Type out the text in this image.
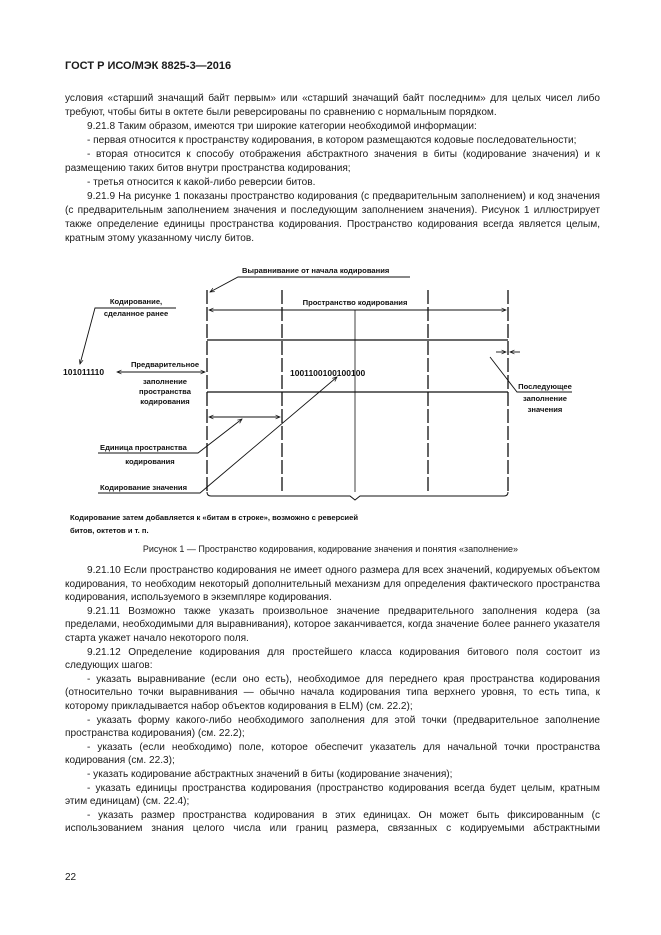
ГОСТ Р ИСО/МЭК 8825-3—2016

условия «старший значащий байт первым» или «старший значащий байт последним» для целых чисел либо требуют, чтобы биты в октете были реверсированы по сравнению с нормальным порядком.

9.21.8 Таким образом, имеются три широкие категории необходимой информации:

- первая относится к пространству кодирования, в котором размещаются кодовые последовательности;

- вторая относится к способу отображения абстрактного значения в биты (кодирование значения) и к размещению таких битов внутри пространства кодирования;

- третья относится к какой-либо реверсии битов.

9.21.9 На рисунке 1 показаны пространство кодирования (с предварительным заполнением) и код значения (с предварительным заполнением значения и последующим заполнением значения). Рисунок 1 иллюстрирует также определение единицы пространства кодирования. Пространство кодирования всегда является целым, кратным этому указанному числу битов.

Выравнивание от начала кодирования
Кодирование,
сделанное ранее
101011110
Предварительное
заполнение
пространства
кодирования
Пространство кодирования
1001100100100100
Последующее
заполнение
значения
Единица пространства
кодирования
Кодирование значения
Кодирование затем добавляется к «битам в строке», возможно с реверсией
битов, октетов и т. п.
Рисунок 1 — Пространство кодирования, кодирование значения и понятия «заполнение»

9.21.10 Если пространство кодирования не имеет одного размера для всех значений, кодируемых объектом кодирования, то необходим некоторый дополнительный механизм для определения фактического пространства кодирования, используемого в экземпляре кодирования.

9.21.11 Возможно также указать произвольное значение предварительного заполнения кодера (за пределами, необходимыми для выравнивания), которое заканчивается, когда значение более раннего указателя старта укажет начало некоторого поля.

9.21.12 Определение кодирования для простейшего класса кодирования битового поля состоит из следующих шагов:

- указать выравнивание (если оно есть), необходимое для переднего края пространства кодирования (относительно точки выравнивания — обычно начала кодирования типа верхнего уровня, то есть типа, к которому прикладывается набор объектов кодирования в ELM) (см. 22.2);

- указать форму какого-либо необходимого заполнения для этой точки (предварительное заполнение пространства кодирования) (см. 22.2);

- указать (если необходимо) поле, которое обеспечит указатель для начальной точки пространства кодирования (см. 22.3);

- указать кодирование абстрактных значений в биты (кодирование значения);

- указать единицы пространства кодирования (пространство кодирования всегда будет целым, кратным этим единицам) (см. 22.4);

- указать размер пространства кодирования в этих единицах. Он может быть фиксированным (с использованием знания целого числа или границ размера, связанных с кодируемыми абстрактными

22
